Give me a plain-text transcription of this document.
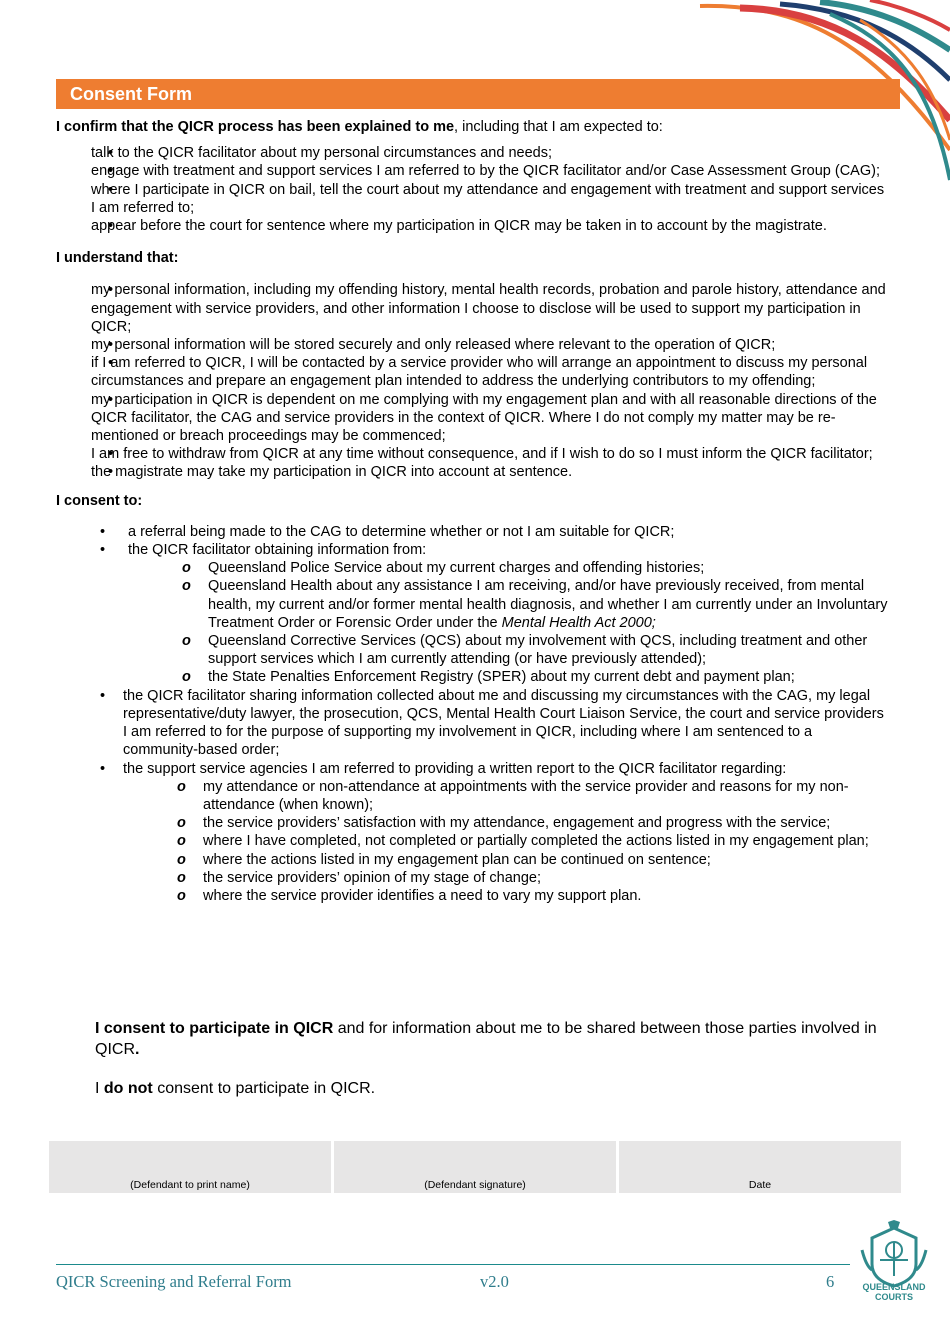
Consent Form

I confirm that the QICR process has been explained to me, including that I am expected to:

• talk to the QICR facilitator about my personal circumstances and needs;
• engage with treatment and support services I am referred to by the QICR facilitator and/or Case Assessment Group (CAG);
• where I participate in QICR on bail, tell the court about my attendance and engagement with treatment and support services I am referred to;
• appear before the court for sentence where my participation in QICR may be taken in to account by the magistrate.

I understand that:

• my personal information, including my offending history, mental health records, probation and parole history, attendance and engagement with service providers, and other information I choose to disclose will be used to support my participation in QICR;
• my personal information will be stored securely and only released where relevant to the operation of QICR;
• if I am referred to QICR, I will be contacted by a service provider who will arrange an appointment to discuss my personal circumstances and prepare an engagement plan intended to address the underlying contributors to my offending;
• my participation in QICR is dependent on me complying with my engagement plan and with all reasonable directions of the QICR facilitator, the CAG and service providers in the context of QICR. Where I do not comply my matter may be re-mentioned or breach proceedings may be commenced;
• I am free to withdraw from QICR at any time without consequence, and if I wish to do so I must inform the QICR facilitator;
• the magistrate may take my participation in QICR into account at sentence.

I consent to:

• a referral being made to the CAG to determine whether or not I am suitable for QICR;
• the QICR facilitator obtaining information from:
o Queensland Police Service about my current charges and offending histories;
o Queensland Health about any assistance I am receiving, and/or have previously received, from mental health, my current and/or former mental health diagnosis, and whether I am currently under an Involuntary Treatment Order or Forensic Order under the Mental Health Act 2000;
o Queensland Corrective Services (QCS) about my involvement with QCS, including treatment and other support services which I am currently attending (or have previously attended);
o the State Penalties Enforcement Registry (SPER) about my current debt and payment plan;
• the QICR facilitator sharing information collected about me and discussing my circumstances with the CAG, my legal representative/duty lawyer, the prosecution, QCS, Mental Health Court Liaison Service, the court and service providers I am referred to for the purpose of supporting my involvement in QICR, including where I am sentenced to a community-based order;
• the support service agencies I am referred to providing a written report to the QICR facilitator regarding:
o my attendance or non-attendance at appointments with the service provider and reasons for my non-attendance (when known);
o the service providers’ satisfaction with my attendance, engagement and progress with the service;
o where I have completed, not completed or partially completed the actions listed in my engagement plan;
o where the actions listed in my engagement plan can be continued on sentence;
o the service providers’ opinion of my stage of change;
o where the service provider identifies a need to vary my support plan.

I consent to participate in QICR and for information about me to be shared between those parties involved in QICR.

I do not consent to participate in QICR.

(Defendant to print name)	(Defendant signature)	Date
QICR Screening and Referral Form	v2.0	6	QUEENSLAND
COURTS
